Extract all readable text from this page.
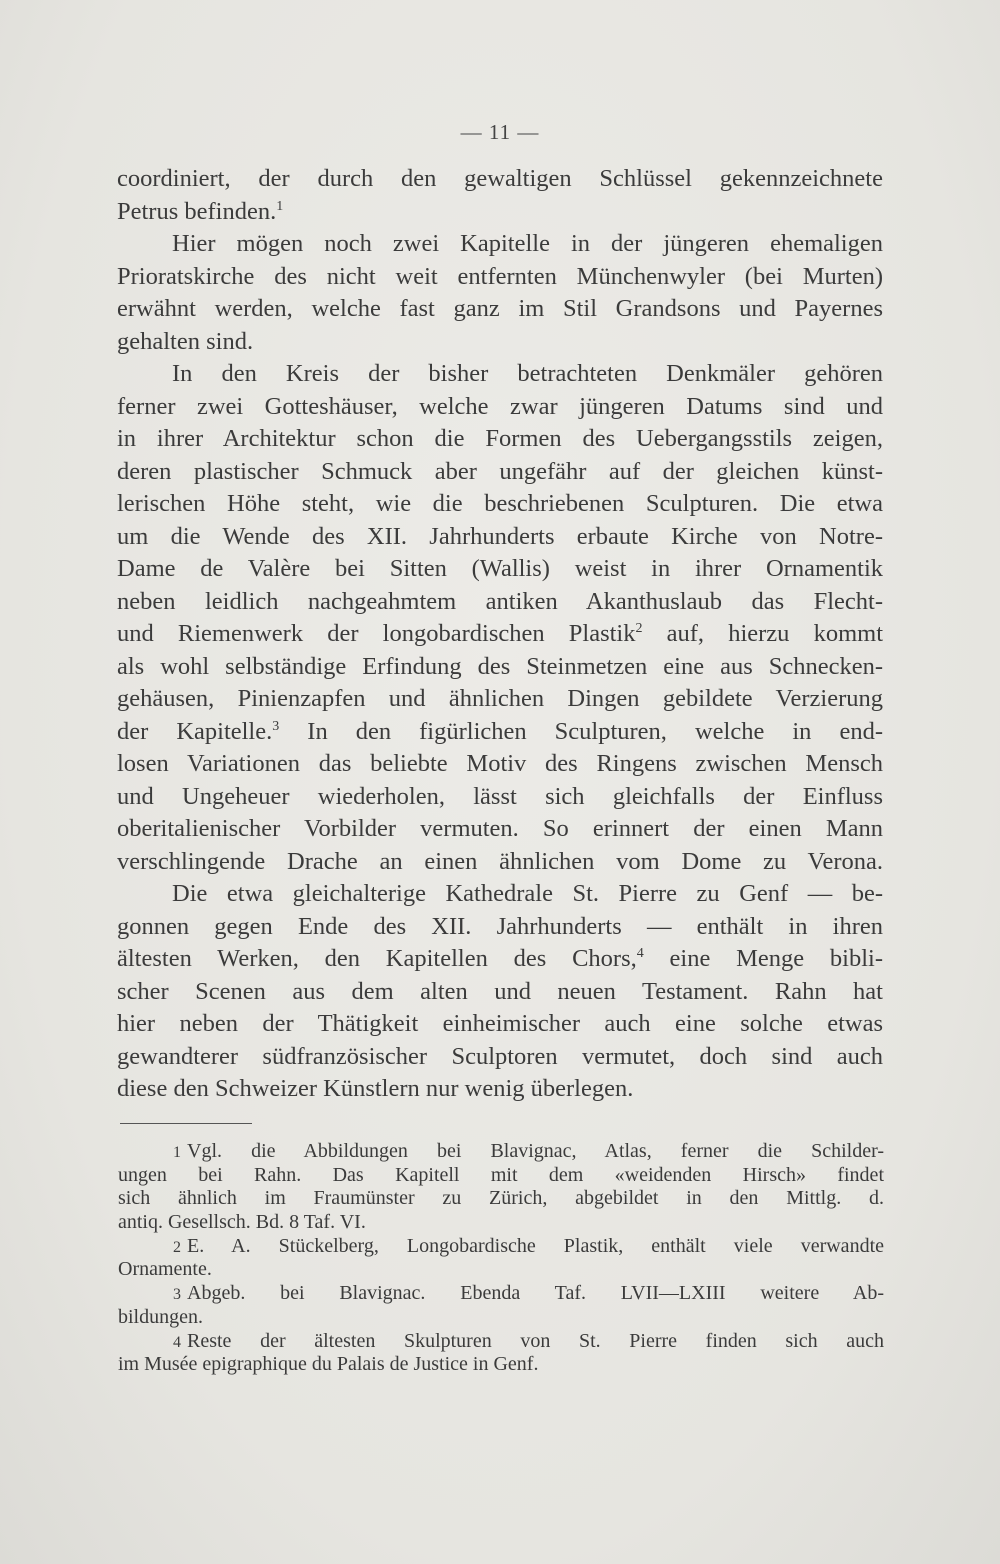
— 11 —
coordiniert, der durch den gewaltigen Schlüssel gekennzeichnete
Petrus befinden.$^1$
Hier mögen noch zwei Kapitelle in der jüngeren ehemaligen
Prioratskirche des nicht weit entfernten Münchenwyler (bei Murten)
erwähnt werden, welche fast ganz im Stil Grandsons und Payernes
gehalten sind.
In den Kreis der bisher betrachteten Denkmäler gehören
ferner zwei Gotteshäuser, welche zwar jüngeren Datums sind und
in ihrer Architektur schon die Formen des Uebergangsstils zeigen,
deren plastischer Schmuck aber ungefähr auf der gleichen künst-
lerischen Höhe steht, wie die beschriebenen Sculpturen. Die etwa
um die Wende des XII. Jahrhunderts erbaute Kirche von Notre-
Dame de Valère bei Sitten (Wallis) weist in ihrer Ornamentik
neben leidlich nachgeahmtem antiken Akanthuslaub das Flecht-
und Riemenwerk der longobardischen Plastik$^2$ auf, hierzu kommt
als wohl selbständige Erfindung des Steinmetzen eine aus Schnecken-
gehäusen, Pinienzapfen und ähnlichen Dingen gebildete Verzierung
der Kapitelle.$^3$ In den figürlichen Sculpturen, welche in end-
losen Variationen das beliebte Motiv des Ringens zwischen Mensch
und Ungeheuer wiederholen, lässt sich gleichfalls der Einfluss
oberitalienischer Vorbilder vermuten. So erinnert der einen Mann
verschlingende Drache an einen ähnlichen vom Dome zu Verona.
Die etwa gleichalterige Kathedrale St. Pierre zu Genf — be-
gonnen gegen Ende des XII. Jahrhunderts — enthält in ihren
ältesten Werken, den Kapitellen des Chors,$^4$ eine Menge bibli-
scher Scenen aus dem alten und neuen Testament. Rahn hat
hier neben der Thätigkeit einheimischer auch eine solche etwas
gewandterer südfranzösischer Sculptoren vermutet, doch sind auch
diese den Schweizer Künstlern nur wenig überlegen.
1 Vgl. die Abbildungen bei Blavignac, Atlas, ferner die Schilder-
ungen bei Rahn. Das Kapitell mit dem «weidenden Hirsch» findet
sich ähnlich im Fraumünster zu Zürich, abgebildet in den Mittlg. d.
antiq. Gesellsch. Bd. 8 Taf. VI.
2 E. A. Stückelberg, Longobardische Plastik, enthält viele verwandte
Ornamente.
3 Abgeb. bei Blavignac. Ebenda Taf. LVII—LXIII weitere Ab-
bildungen.
4 Reste der ältesten Skulpturen von St. Pierre finden sich auch
im Musée epigraphique du Palais de Justice in Genf.
